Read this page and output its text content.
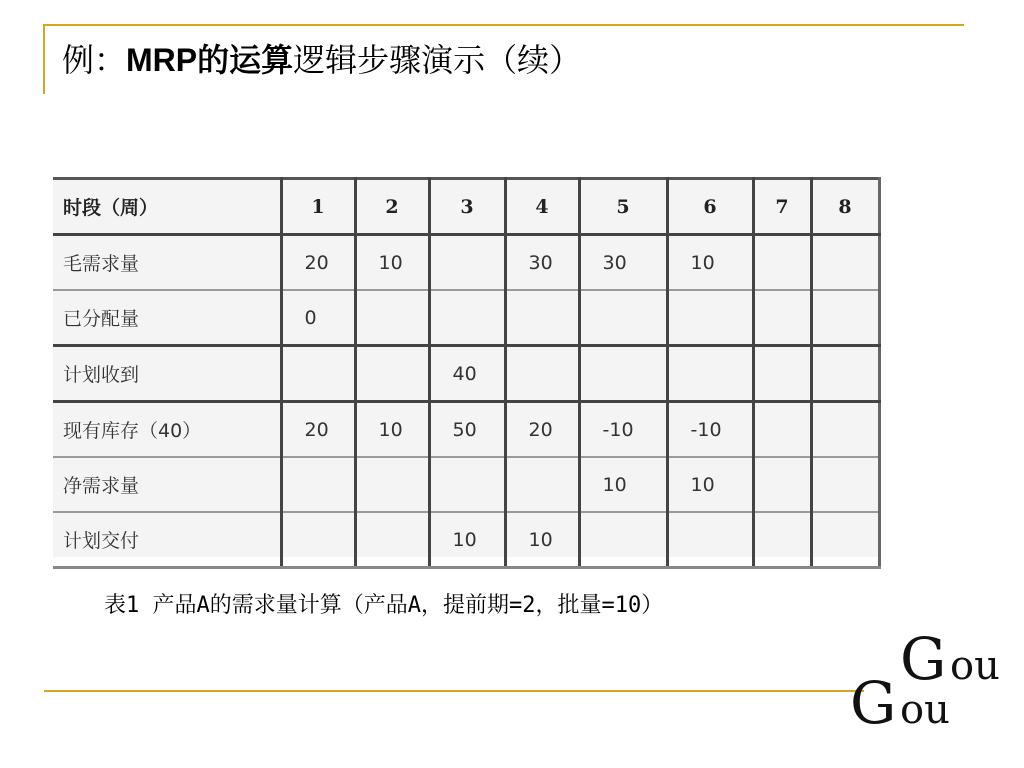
例：MRP的运算逻辑步骤演示（续）
时段（周）	1	2	3	4	5	6	7	8
毛需求量	20	10		30	30	10		
已分配量	0							
计划收到			40					
现有库存（40）	20	10	50	20	-10	-10		
净需求量					10	10		
计划交付			10	10				
表1 产品A的需求量计算（产品A，提前期=2，批量=10）
G ou
G ou
